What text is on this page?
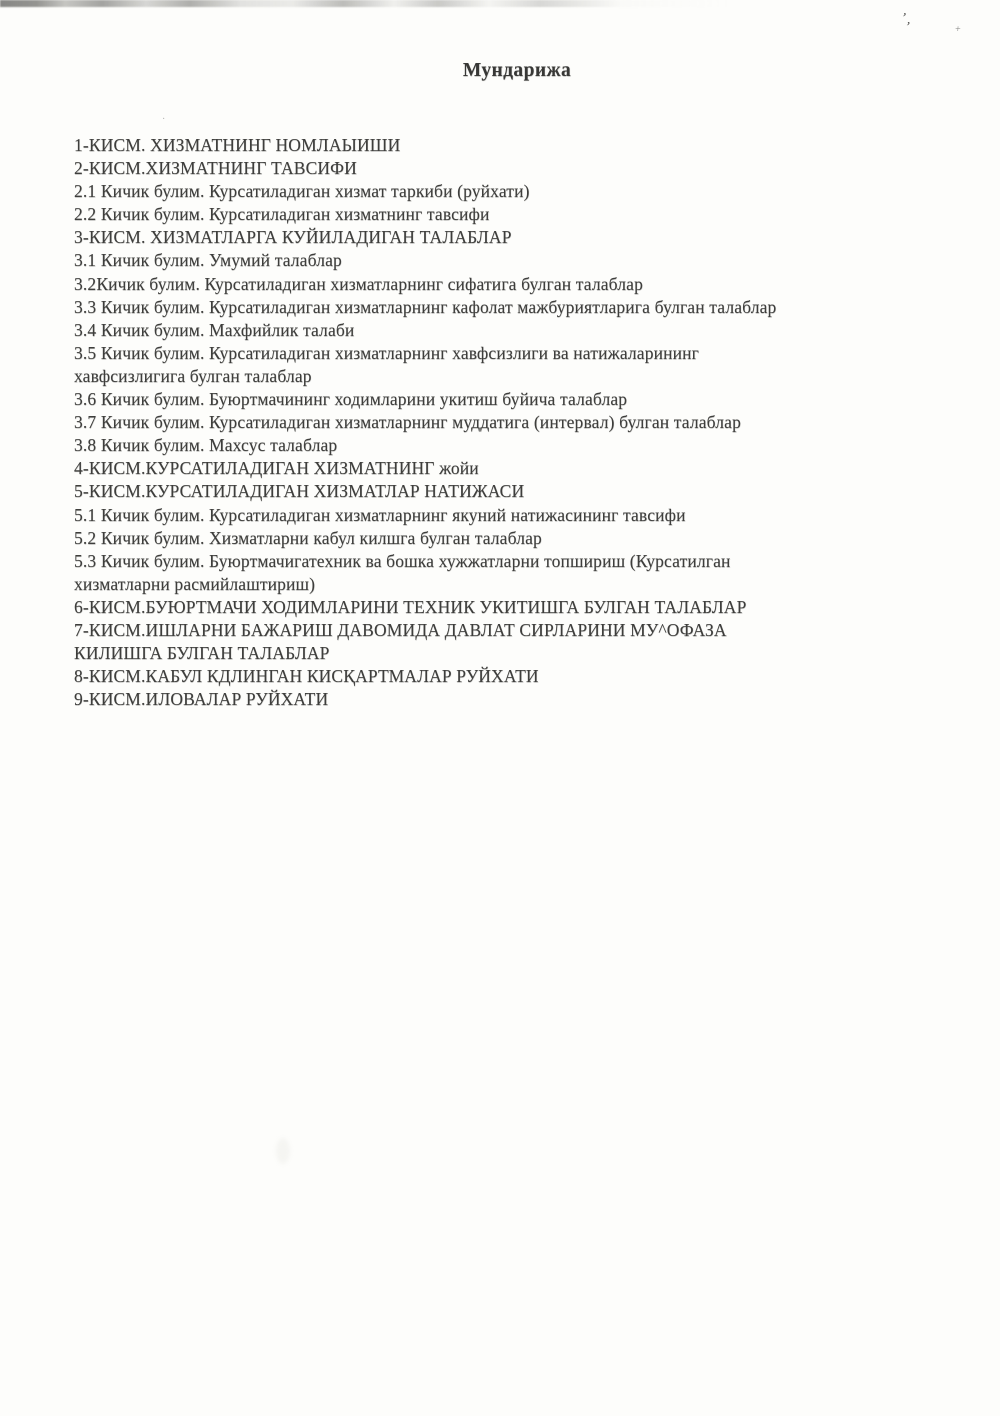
’,
+
·
Мундарижа
1-КИСМ. ХИЗМАТНИНГ НОМЛАЫИШИ
2-КИСМ.ХИЗМАТНИНГ ТАВСИФИ
2.1 Кичик булим. Курсатиладиган хизмат таркиби (руйхати)
2.2 Кичик булим. Курсатиладиган хизматнинг тавсифи
3-КИСМ. ХИЗМАТЛАРГА КУЙИЛАДИГАН ТАЛАБЛАР
3.1 Кичик булим. Умумий талаблар
3.2Кичик булим. Курсатиладиган хизматларнинг сифатига булган талаблар
3.3 Кичик булим. Курсатиладиган хизматларнинг кафолат мажбуриятларига булган талаблар
3.4 Кичик булим. Махфийлик талаби
3.5 Кичик булим. Курсатиладиган хизматларнинг хавфсизлиги ва натижаларининг
хавфсизлигига булган талаблар
3.6 Кичик булим. Буюртмачининг ходимларини укитиш буйича талаблар
3.7 Кичик булим. Курсатиладиган хизматларнинг муддатига (интервал) булган талаблар
3.8 Кичик булим. Махсус талаблар
4-КИСМ.КУРСАТИЛАДИГАН ХИЗМАТНИНГ жойи
5-КИСМ.КУРСАТИЛАДИГАН ХИЗМАТЛАР НАТИЖАСИ
5.1 Кичик булим. Курсатиладиган хизматларнинг якуний натижасининг тавсифи
5.2 Кичик булим. Хизматларни кабул килшга булган талаблар
5.3 Кичик булим. Буюртмачигатехник ва бошка хужжатларни топшириш (Курсатилган
хизматларни расмийлаштириш)
6-КИСМ.БУЮРТМАЧИ ХОДИМЛАРИНИ ТЕХНИК УКИТИШГА БУЛГАН ТАЛАБЛАР
7-КИСМ.ИШЛАРНИ БАЖАРИШ ДАВОМИДА ДАВЛАТ СИРЛАРИНИ МУ^ОФАЗА
КИЛИШГА БУЛГАН ТАЛАБЛАР
8-КИСМ.КАБУЛ КДЛИНГАН КИСҚАРТМАЛАР РУЙХАТИ
9-КИСМ.ИЛОВАЛАР РУЙХАТИ
